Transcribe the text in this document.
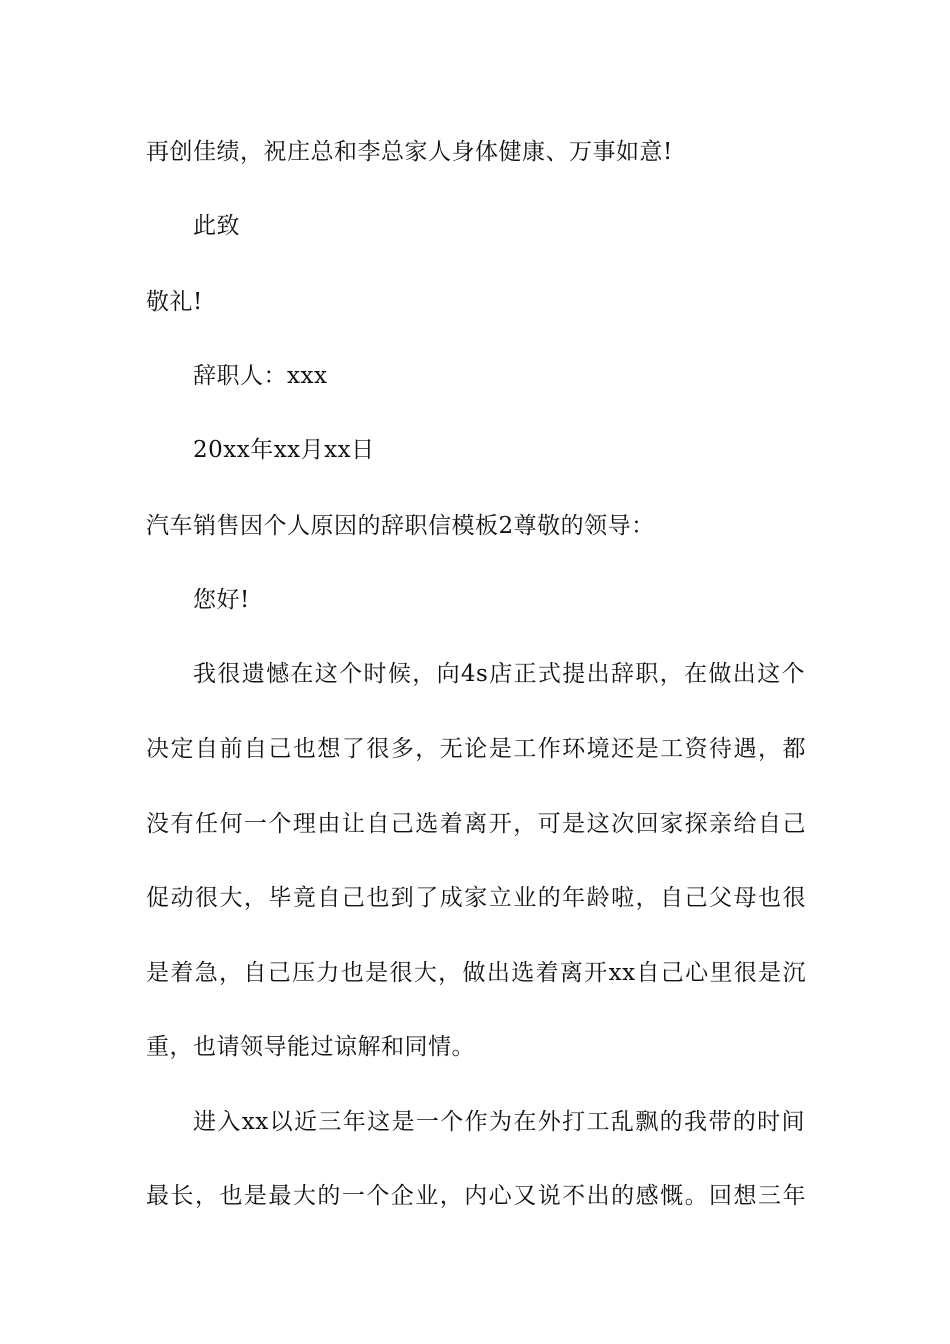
再创佳绩，祝庄总和李总家人身体健康、万事如意!
此致
敬礼!
辞职人：xxx
20xx年xx月xx日
汽车销售因个人原因的辞职信模板2尊敬的领导：
您好!
我很遗憾在这个时候，向4s店正式提出辞职，在做出这个
决定自前自己也想了很多，无论是工作环境还是工资待遇，都
没有任何一个理由让自己选着离开，可是这次回家探亲给自己
促动很大，毕竟自己也到了成家立业的年龄啦，自己父母也很
是着急，自己压力也是很大，做出选着离开xx自己心里很是沉
重，也请领导能过谅解和同情。
进入xx以近三年这是一个作为在外打工乱飘的我带的时间
最长，也是最大的一个企业，内心又说不出的感慨。回想三年
